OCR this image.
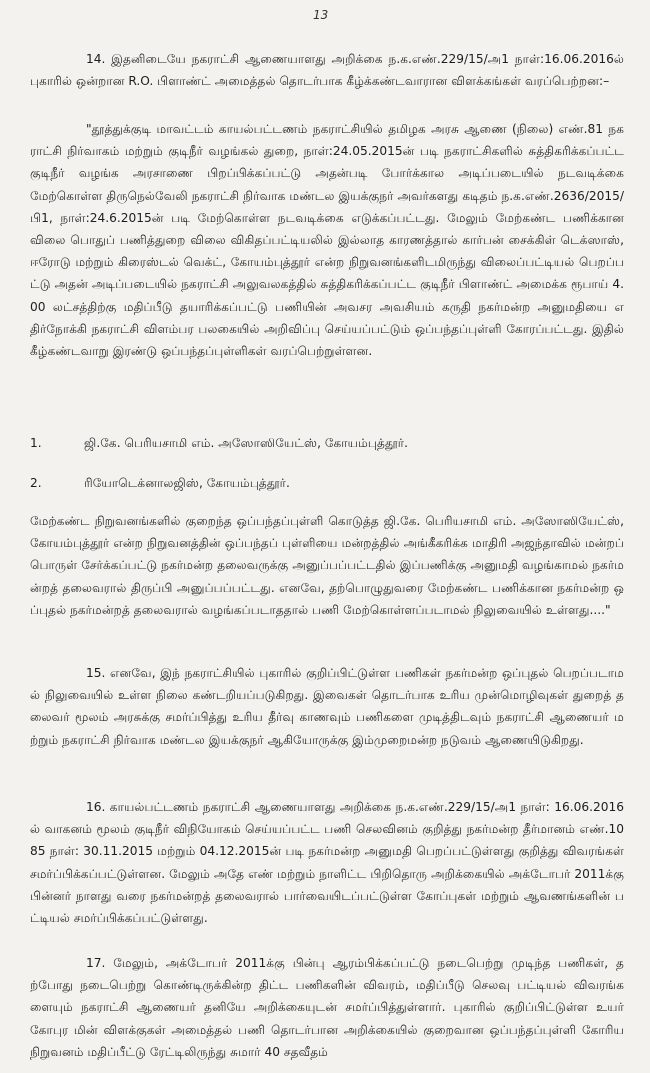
13

14. இதனிடையே நகராட்சி ஆணையாளது அறிக்கை ந.க.எண்.229/15/அ1 நாள்:16.06.2016ல் புகாரில் ஒன்றான R.O. பிளாண்ட் அமைத்தல் தொடர்பாக கீழ்க்கண்டவாரான விளக்கங்கள் வரப்பெற்றன:–

"தூத்துக்குடி மாவட்டம் காயல்பட்டணம் நகராட்சியில் தமிழக அரசு ஆணை (நிலை) எண்.81 நகராட்சி நிர்வாகம் மற்றும் குடிநீர் வழங்கல் துறை, நாள்:24.05.2015ன் படி நகராட்சிகளில் சுத்திகரிக்கப்பட்ட குடிநீர் வழங்க அரசாணை பிறப்பிக்கப்பட்டு அதன்படி போர்க்கால அடிப்படையில் நடவடிக்கை மேற்கொள்ள திருநெல்வேலி நகராட்சி நிர்வாக மண்டல இயக்குநர் அவர்களது கடிதம் ந.க.எண்.2636/2015/பி1, நாள்:24.6.2015ன் படி மேற்கொள்ள நடவடிக்கை எடுக்கப்பட்டது. மேலும் மேற்கண்ட பணிக்கான விலை பொதுப் பணித்துறை விலை விகிதப்பட்டியலில் இல்லாத காரணத்தால் கார்பன் சைக்கிள் டெக்ஸாஸ், ஈரோடு மற்றும் கிரைஸ்டல் வெக்ட், கோயம்புத்தூர் என்ற நிறுவனங்களிடமிருந்து விலைப்பட்டியல் பெறப்பட்டு அதன் அடிப்படையில் நகராட்சி அலுவலகத்தில் சுத்திகரிக்கப்பட்ட குடிநீர் பிளாண்ட் அமைக்க ரூபாய் 4.00 லட்சத்திற்கு மதிப்பீடு தயாரிக்கப்பட்டு பணியின் அவசர அவசியம் கருதி நகர்மன்ற அனுமதியை எதிர்நோக்கி நகராட்சி விளம்பர பலகையில் அறிவிப்பு செய்யப்பட்டும் ஒப்பந்தப்புள்ளி கோரப்பட்டது. இதில் கீழ்கண்டவாறு இரண்டு ஒப்பந்தப்புள்ளிகள் வரப்பெற்றுள்ளன.

1.	ஜி.கே. பெரியசாமி எம். அஸோஸியேட்ஸ், கோயம்புத்தூர்.
2.	ரியோடெக்னாலஜிஸ், கோயம்புத்தூர்.

மேற்கண்ட நிறுவனங்களில் குறைந்த ஒப்பந்தப்புள்ளி கொடுத்த ஜி.கே. பெரியசாமி எம். அஸோஸியேட்ஸ், கோயம்புத்தூர் என்ற நிறுவனத்தின் ஒப்பந்தப் புள்ளியை மன்றத்தில் அங்கீகரிக்க மாதிரி அஜந்தாவில் மன்றப் பொருள் சேர்க்கப்பட்டு நகர்மன்ற தலைவருக்கு அனுப்பப்பட்டதில் இப்பணிக்கு அனுமதி வழங்காமல் நகர்மன்றத் தலைவரால் திருப்பி அனுப்பப்பட்டது. எனவே, தற்பொழுதுவரை மேற்கண்ட பணிக்கான நகர்மன்ற ஒப்புதல் நகர்மன்றத் தலைவரால் வழங்கப்படாததால் பணி மேற்கொள்ளப்படாமல் நிலுவையில் உள்ளது...."

15. எனவே, இந் நகராட்சியில் புகாரில் குறிப்பிட்டுள்ள பணிகள் நகர்மன்ற ஒப்புதல் பெறப்படாமல் நிலுவையில் உள்ள நிலை கண்டறியப்படுகிறது. இவைகள் தொடர்பாக உரிய முன்மொழிவுகள் துறைத் தலைவர் மூலம் அரசுக்கு சமர்ப்பித்து உரிய தீர்வு காணவும் பணிகளை முடித்திடவும் நகராட்சி ஆணையர் மற்றும் நகராட்சி நிர்வாக மண்டல இயக்குநர் ஆகியோருக்கு இம்முறைமன்ற நடுவம் ஆணையிடுகிறது.

16. காயல்பட்டணம் நகராட்சி ஆணையாளது அறிக்கை ந.க.எண்.229/15/அ1 நாள்: 16.06.2016ல் வாகனம் மூலம் குடிநீர் விநியோகம் செய்யப்பட்ட பணி செலவினம் குறித்து நகர்மன்ற தீர்மானம் எண்.1085 நாள்: 30.11.2015 மற்றும் 04.12.2015ன் படி நகர்மன்ற அனுமதி பெறப்பட்டுள்ளது குறித்து விவரங்கள் சமர்ப்பிக்கப்பட்டுள்ளன. மேலும் அதே எண் மற்றும் நாளிட்ட பிறிதொரு அறிக்கையில் அக்டோபர் 2011க்கு பின்னர் நாளது வரை நகர்மன்றத் தலைவரால் பார்வையிடப்பட்டுள்ள கோப்புகள் மற்றும் ஆவணங்களின் பட்டியல் சமர்ப்பிக்கப்பட்டுள்ளது.

17. மேலும், அக்டோபர் 2011க்கு பின்பு ஆரம்பிக்கப்பட்டு நடைபெற்று முடிந்த பணிகள், தற்போது நடைபெற்று கொண்டிருக்கின்ற திட்ட பணிகளின் விவரம், மதிப்பீடு செலவு பட்டியல் விவரங்களையும் நகராட்சி ஆணையர் தனியே அறிக்கையுடன் சமர்ப்பித்துள்ளார். புகாரில் குறிப்பிட்டுள்ள உயர் கோபுர மின் விளக்குகள் அமைத்தல் பணி தொடர்பான அறிக்கையில் குறைவான ஒப்பந்தப்புள்ளி கோரிய நிறுவனம் மதிப்பீட்டு ரேட்டிலிருந்து சுமார் 40 சதவீதம்
